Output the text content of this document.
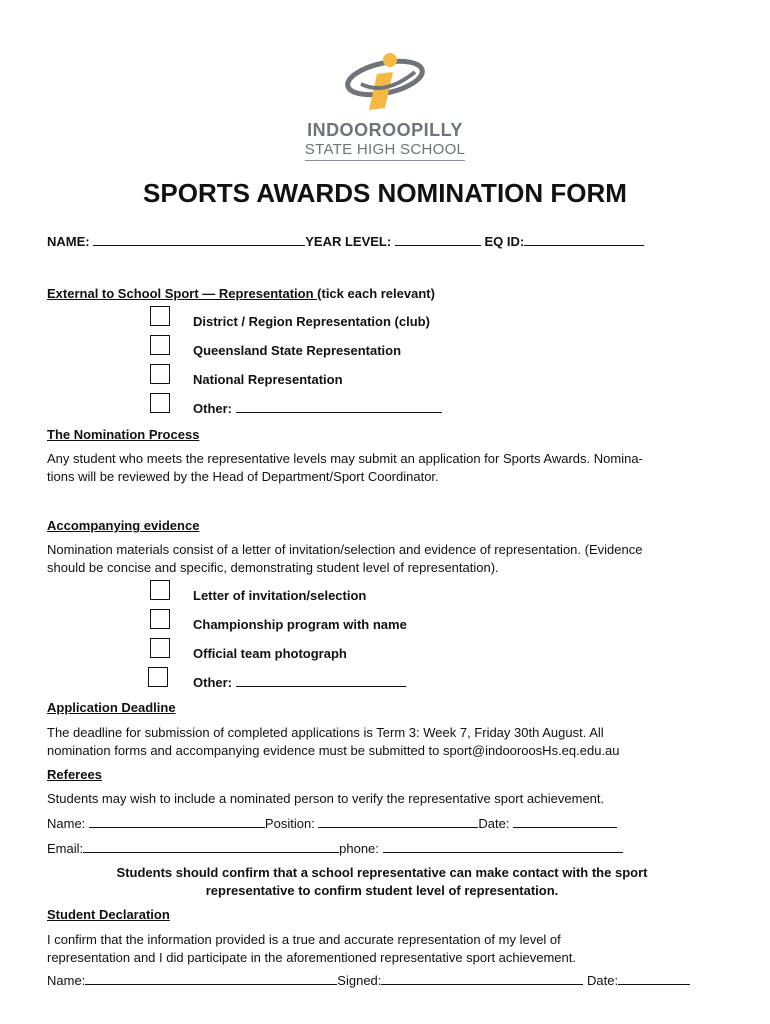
INDOOROOPILLY
STATE HIGH SCHOOL
SPORTS AWARDS NOMINATION FORM
NAME:	YEAR LEVEL:	EQ ID:
External to School Sport — Representation (tick each relevant)
District / Region Representation (club)
Queensland State Representation
National Representation
Other:
The Nomination Process
Any student who meets the representative levels may submit an application for Sports Awards. Nomina-
tions will be reviewed by the Head of Department/Sport Coordinator.
Accompanying evidence
Nomination materials consist of a letter of invitation/selection and evidence of representation. (Evidence
should be concise and specific, demonstrating student level of representation).
Letter of invitation/selection
Championship program with name
Official team photograph
Other:
Application Deadline
The deadline for submission of completed applications is Term 3: Week 7, Friday 30th August. All
nomination forms and accompanying evidence must be submitted to sport@indooroosHs.eq.edu.au
Referees
Students may wish to include a nominated person to verify the representative sport achievement.
Name:	Position:	Date:
Email:	phone:
Students should confirm that a school representative can make contact with the sport
representative to confirm student level of representation.
Student Declaration
I confirm that the information provided is a true and accurate representation of my level of
representation and I did participate in the aforementioned representative sport achievement.
Name:	Signed:	Date:
